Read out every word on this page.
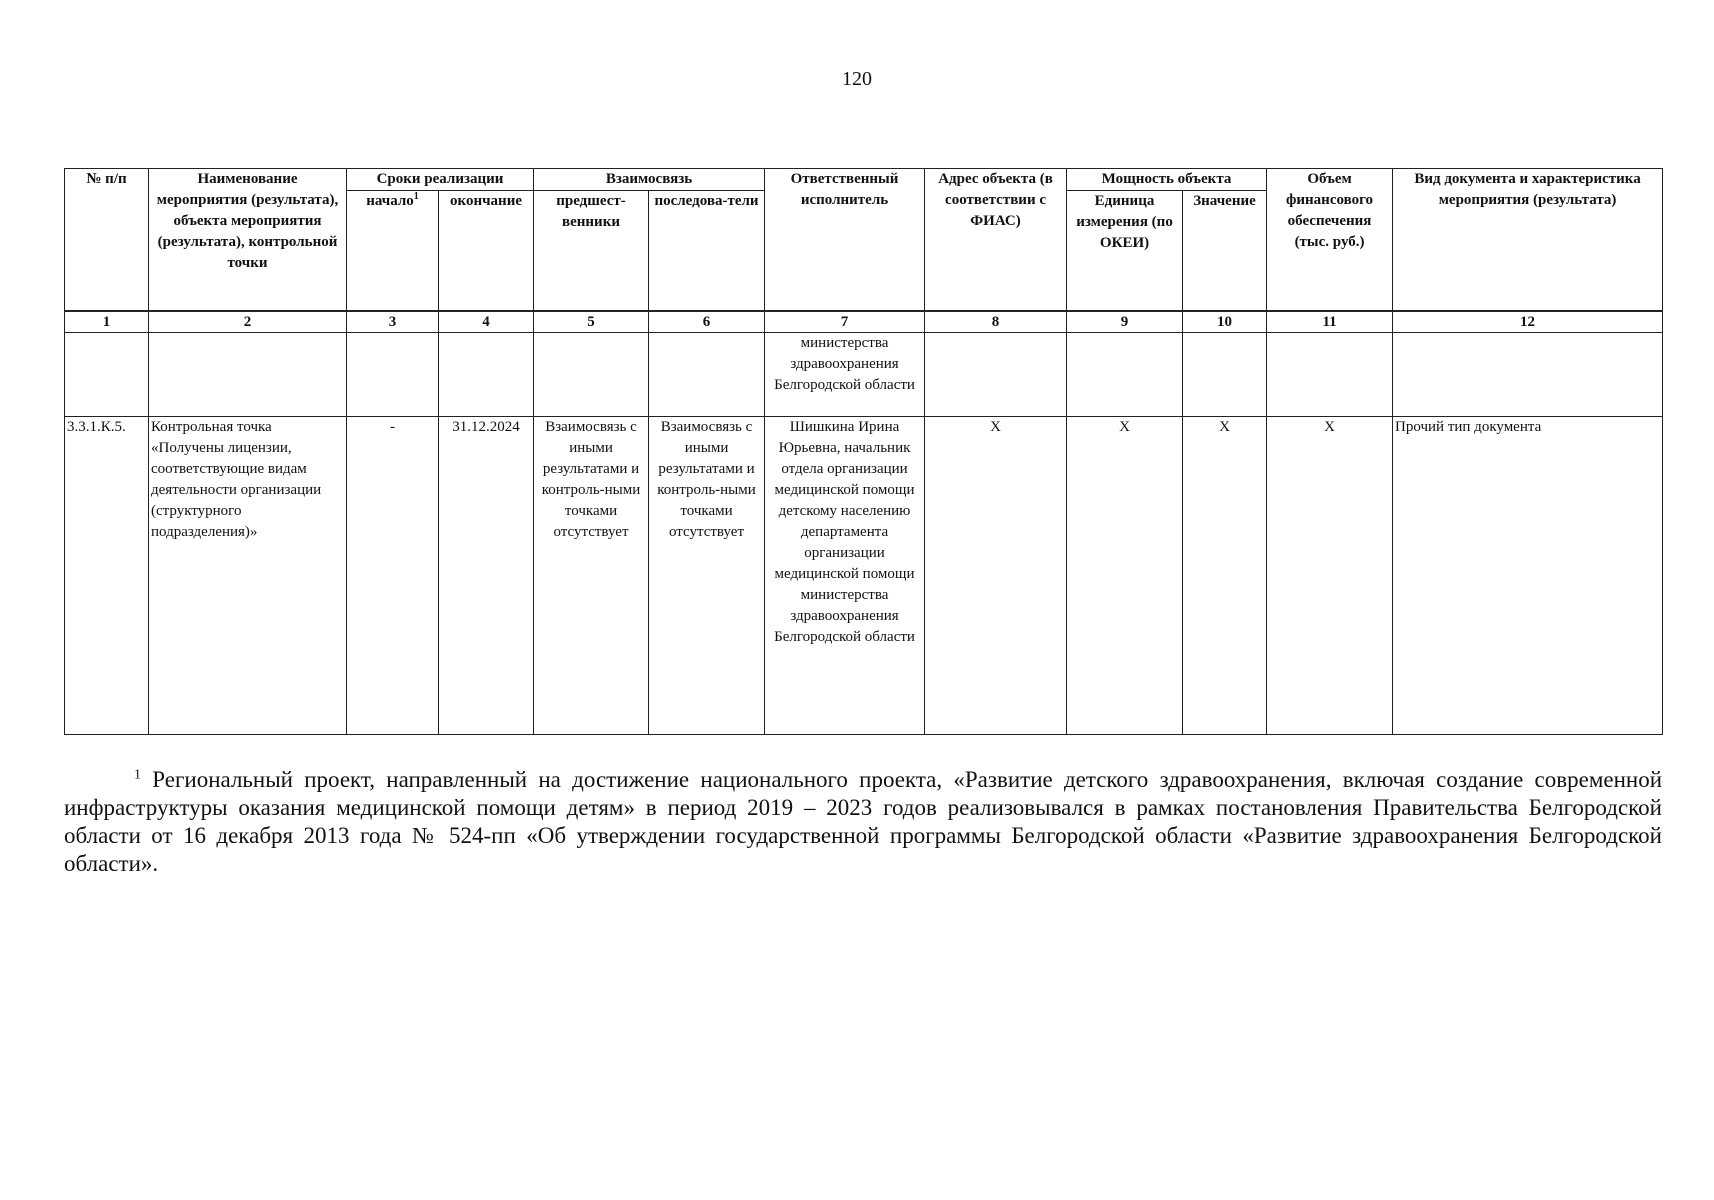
120
№ п/п	Наименование мероприятия (результата), объекта мероприятия (результата), контрольной точки	Сроки реализации		Взаимосвязь		Ответственный исполнитель	Адрес объекта (в соответствии с ФИАС)	Мощность объекта		Объем финансового обеспечения (тыс. руб.)	Вид документа и характеристика мероприятия (результата)
		начало$^1$	окончание	предшест-венники	последова-тели			Единица измерения (по ОКЕИ)	Значение		
1	2	3	4	5	6	7	8	9	10	11	12
						министерства здравоохранения Белгородской области					
3.3.1.К.5.	Контрольная точка «Получены лицензии, соответствующие видам деятельности организации (структурного подразделения)»	-	31.12.2024	Взаимосвязь с иными результатами и контроль-ными точками отсутствует	Взаимосвязь с иными результатами и контроль-ными точками отсутствует	Шишкина Ирина Юрьевна, начальник отдела организации медицинской помощи детскому населению департамента организации медицинской помощи министерства здравоохранения Белгородской области	Х	Х	Х	Х	Прочий тип документа
$^1$ Региональный проект, направленный на достижение национального проекта, «Развитие детского здравоохранения, включая создание современной инфраструктуры оказания медицинской помощи детям» в период 2019 – 2023 годов реализовывался в рамках постановления Правительства Белгородской области от 16 декабря 2013 года № 524-пп «Об утверждении государственной программы Белгородской области «Развитие здравоохранения Белгородской области».
